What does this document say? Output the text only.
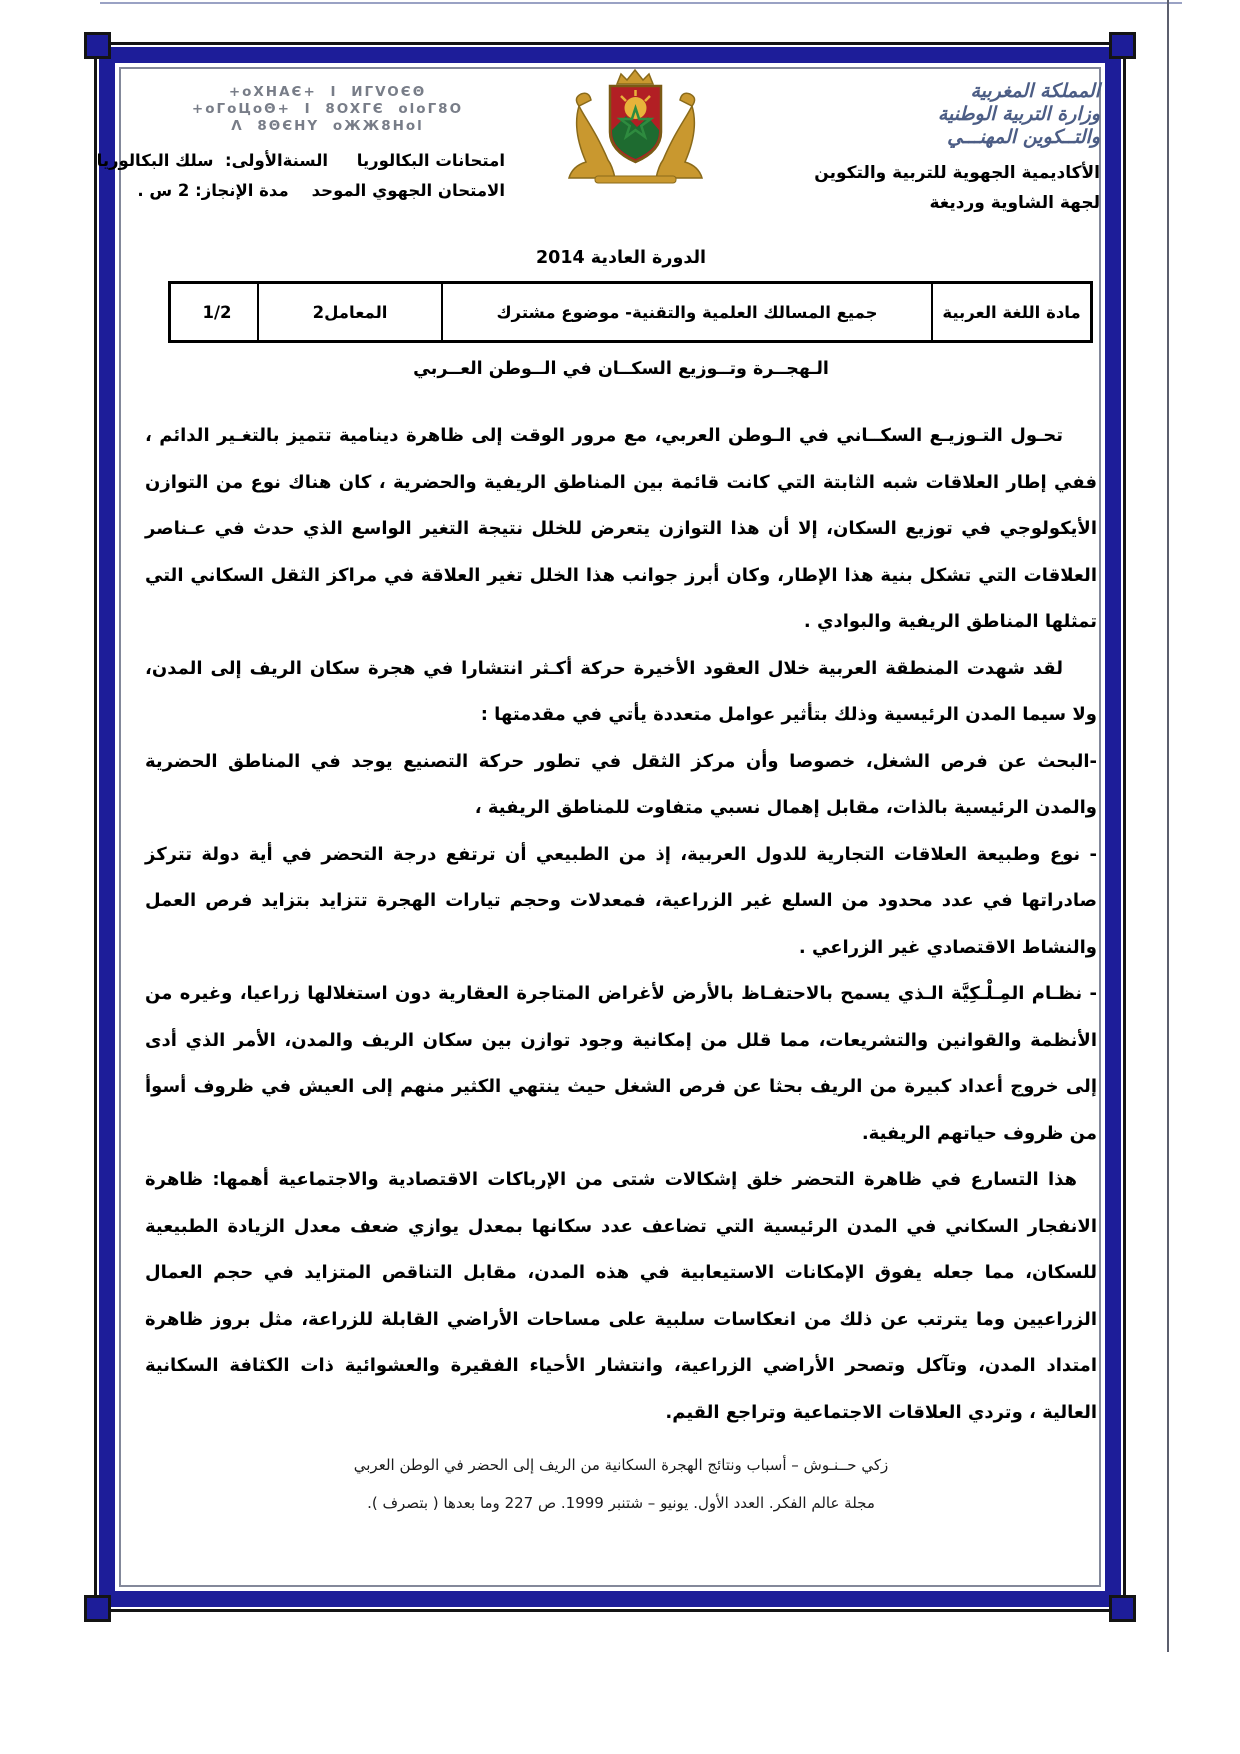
المملكة المغربية
وزارة التربية الوطنية
والتــكوين المهنـــي
الأكاديمية الجهوية للتربية والتكوين
لجهة الشاوية ورديغة
+oXHAЄ+ I ИΓVOЄΘ
+oΓoЦoΘ+ I 8OXΓЄ oloΓ8O
Λ 8ΘЄHY oЖЖ8Hol
امتحانات البكالوريا     السنةالأولى:  سلك البكالوريا
الامتحان الجهوي الموحد    مدة الإنجاز: 2 س .
الدورة العادية 2014
مادة اللغة العربية
جميع المسالك العلمية والتقنية- موضوع مشترك
المعامل
2
1/2
الـهجــرة وتــوزيع السكــان في الــوطن العــربي

تحـول التـوزيـع السكــاني في الـوطن العربي، مع مرور الوقت إلى ظاهرة دينامية تتميز بالتغـير الدائم ، ففي إطار العلاقات شبه الثابتة التي كانت قائمة بين المناطق الريفية والحضرية ، كان هناك نوع من التوازن الأيكولوجي في توزيع السكان، إلا أن هذا التوازن يتعرض للخلل نتيجة التغير الواسع الذي حدث في عـناصر العلاقات التي تشكل بنية هذا الإطار، وكان أبرز جوانب هذا الخلل تغير العلاقة في مراكز الثقل السكاني التي تمثلها المناطق الريفية والبوادي .

لقد شهدت المنطقة العربية خلال العقود الأخيرة حركة أكـثر انتشارا في هجرة سكان الريف إلى المدن، ولا سيما المدن الرئيسية وذلك بتأثير عوامل متعددة يأتي في مقدمتها :

-البحث عن فرص الشغل، خصوصا وأن مركز الثقل في تطور حركة التصنيع يوجد في المناطق الحضرية والمدن الرئيسية بالذات، مقابل إهمال نسبي متفاوت للمناطق الريفية ،

- نوع وطبيعة العلاقات التجارية للدول العربية، إذ من الطبيعي أن ترتفع درجة التحضر في أية دولة تتركز صادراتها في عدد محدود من السلع غير الزراعية، فمعدلات وحجم تيارات الهجرة تتزايد بتزايد فرص العمل والنشاط الاقتصادي غير الزراعي .

- نظـام المِـلْـكِيَّة الـذي يسمح بالاحتفـاظ بالأرض لأغراض المتاجرة العقارية دون استغلالها زراعيا، وغيره من الأنظمة والقوانين والتشريعات، مما قلل من إمكانية وجود توازن بين سكان الريف والمدن، الأمر الذي أدى إلى خروج أعداد كبيرة من الريف بحثا عن فرص الشغل حيث ينتهي الكثير منهم إلى العيش في ظروف أسوأ من ظروف حياتهم الريفية.

هذا التسارع في ظاهرة التحضر خلق إشكالات شتى من الإرباكات الاقتصادية والاجتماعية أهمها: ظاهرة الانفجار السكاني في المدن الرئيسية التي تضاعف عدد سكانها بمعدل يوازي ضعف معدل الزيادة الطبيعية للسكان، مما جعله يفوق الإمكانات الاستيعابية في هذه المدن، مقابل التناقص المتزايد في حجم العمال الزراعيين وما يترتب عن ذلك من انعكاسات سلبية على مساحات الأراضي القابلة للزراعة، مثل بروز ظاهرة امتداد المدن، وتآكل وتصحر الأراضي الزراعية، وانتشار الأحياء الفقيرة والعشوائية ذات الكثافة السكانية العالية ، وتردي العلاقات الاجتماعية وتراجع القيم.

زكي حــنـوش – أسباب ونتائج الهجرة السكانية من الريف إلى الحضر في الوطن العربي
مجلة عالم الفكر. العدد الأول. يونيو – شتنبر 1999. ص 227 وما بعدها ( بتصرف ).
